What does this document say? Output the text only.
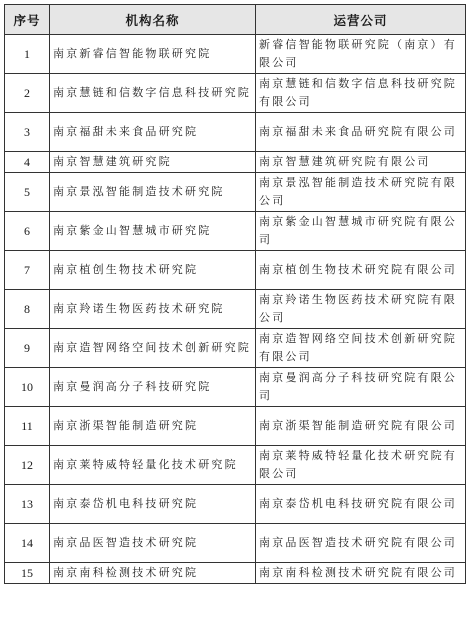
序号	机构名称	运营公司
1	南京新睿信智能物联研究院	新睿信智能物联研究院（南京）有限公司
2	南京慧链和信数字信息科技研究院	南京慧链和信数字信息科技研究院有限公司
3	南京福甜未来食品研究院	南京福甜未来食品研究院有限公司
4	南京智慧建筑研究院	南京智慧建筑研究院有限公司
5	南京景泓智能制造技术研究院	南京景泓智能制造技术研究院有限公司
6	南京紫金山智慧城市研究院	南京紫金山智慧城市研究院有限公司
7	南京植创生物技术研究院	南京植创生物技术研究院有限公司
8	南京羚诺生物医药技术研究院	南京羚诺生物医药技术研究院有限公司
9	南京造智网络空间技术创新研究院	南京造智网络空间技术创新研究院有限公司
10	南京曼润高分子科技研究院	南京曼润高分子科技研究院有限公司
11	南京浙渠智能制造研究院	南京浙渠智能制造研究院有限公司
12	南京莱特威特轻量化技术研究院	南京莱特威特轻量化技术研究院有限公司
13	南京泰岱机电科技研究院	南京泰岱机电科技研究院有限公司
14	南京品医智造技术研究院	南京品医智造技术研究院有限公司
15	南京南科检测技术研究院	南京南科检测技术研究院有限公司
